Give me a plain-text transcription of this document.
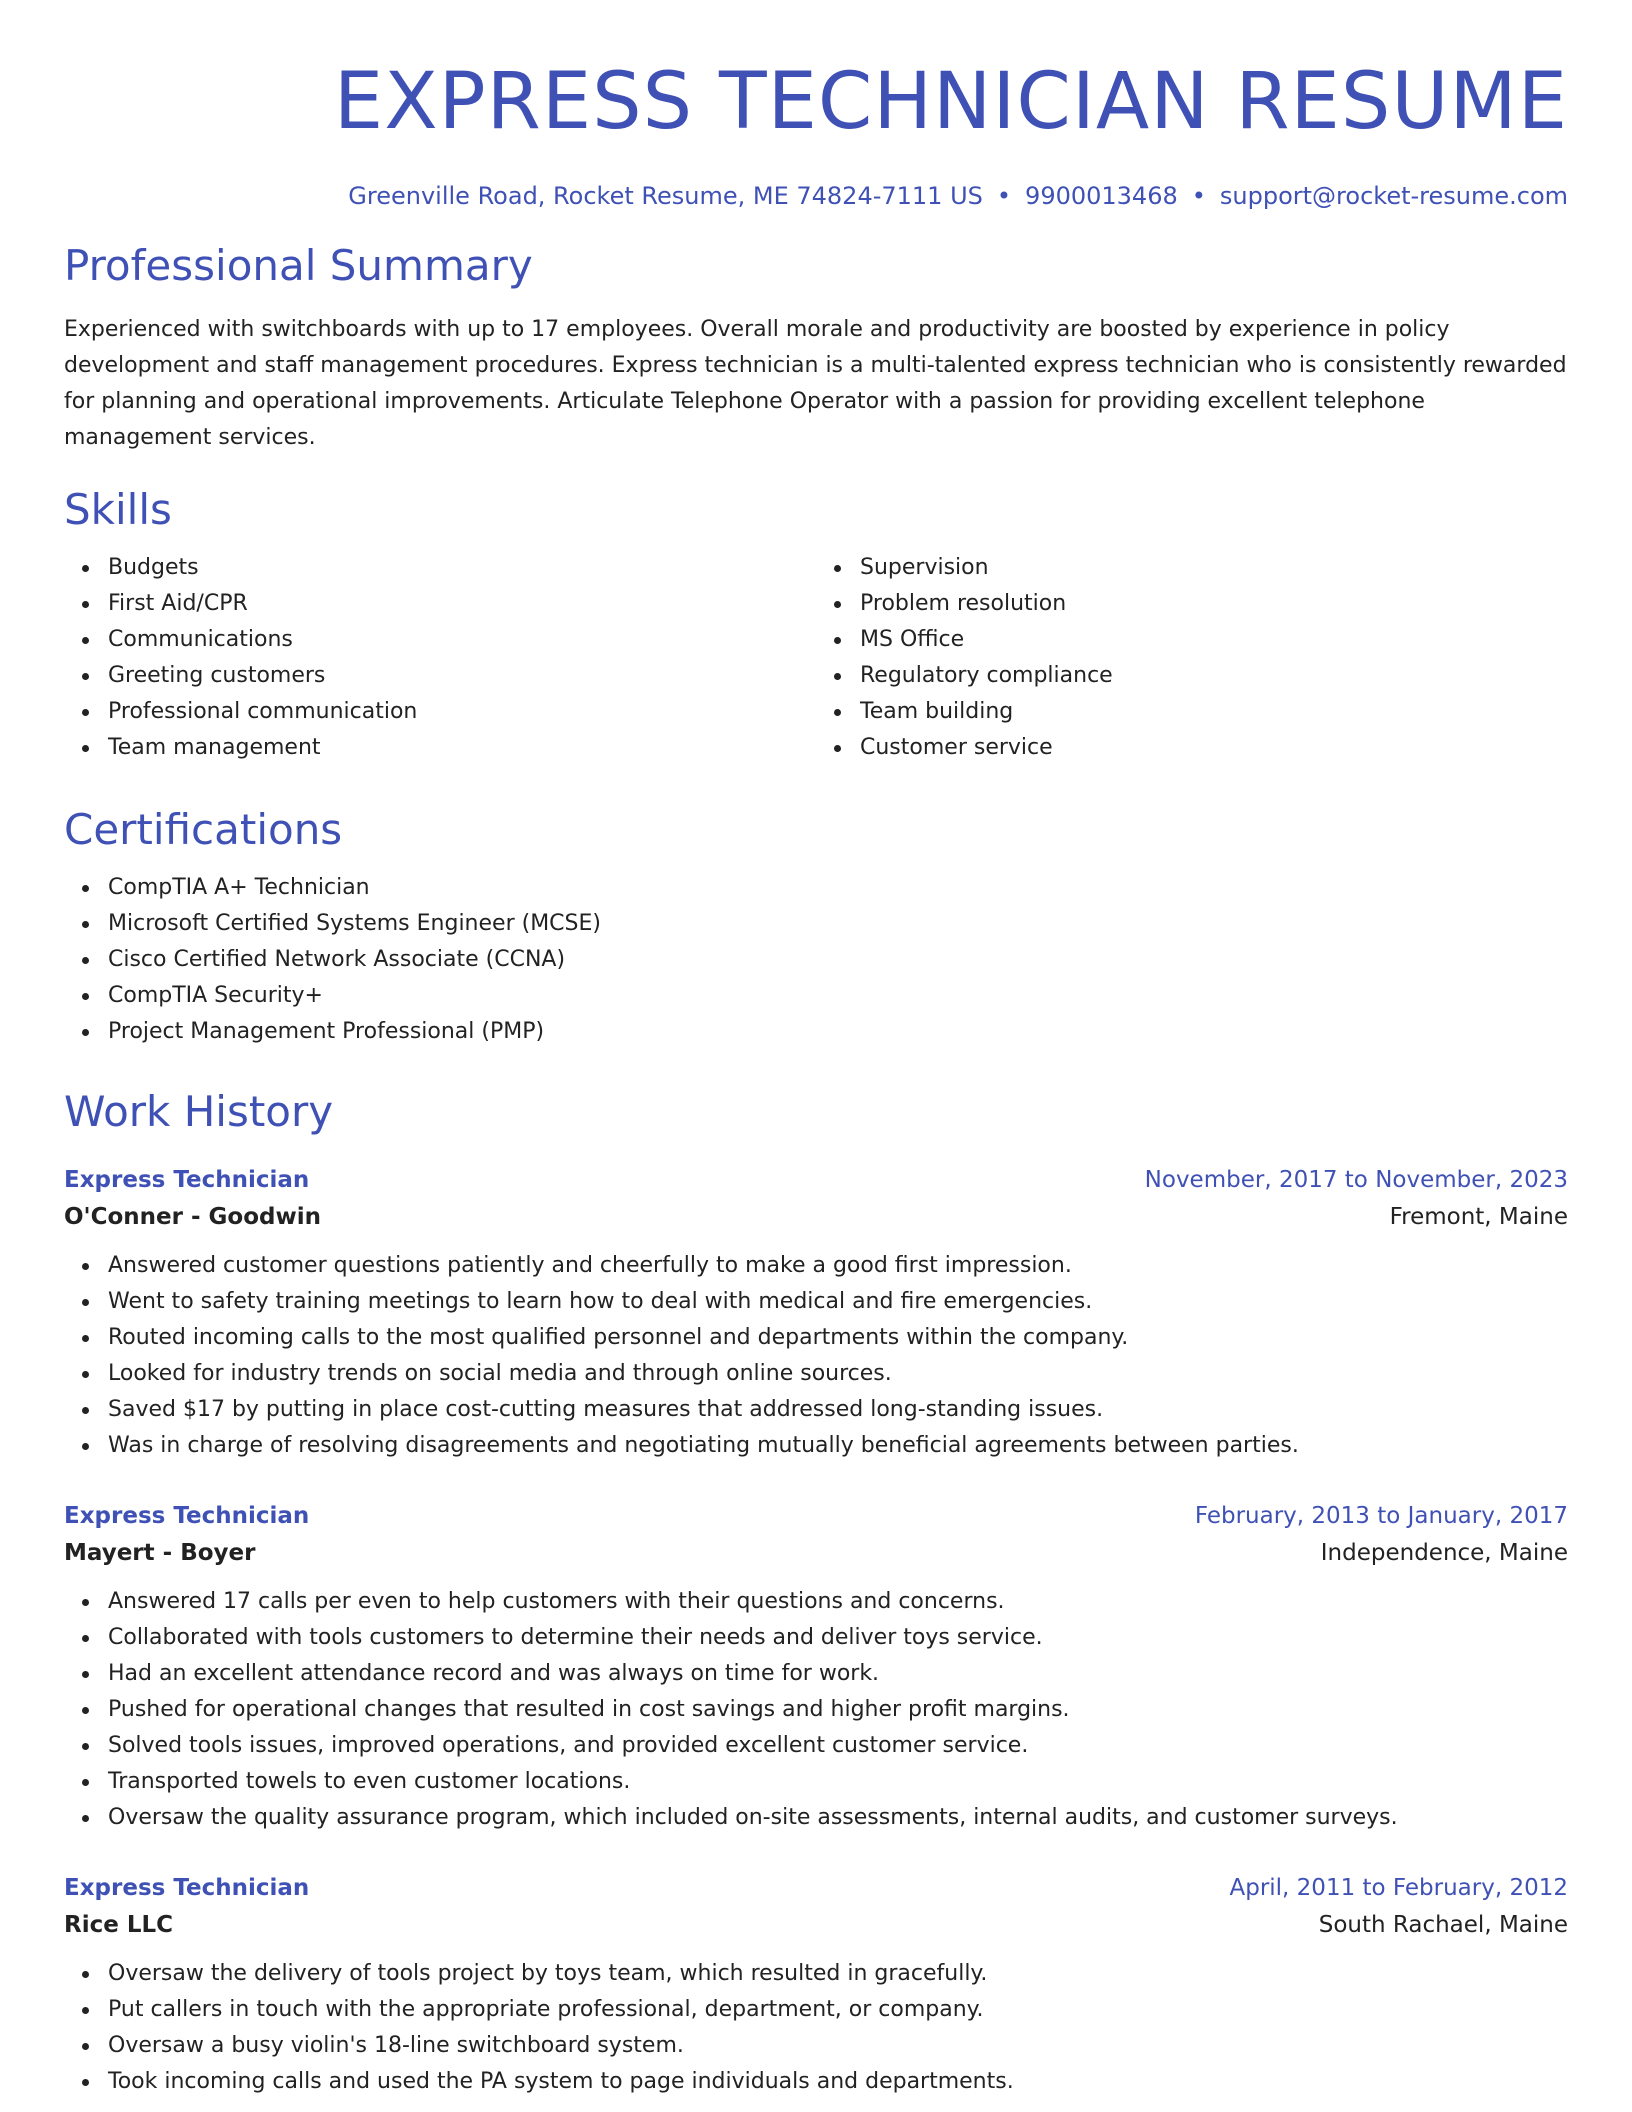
EXPRESS TECHNICIAN RESUME
Greenville Road, Rocket Resume, ME 74824-7111 US • 9900013468 • support@rocket-resume.com
Professional Summary

Experienced with switchboards with up to 17 employees. Overall morale and productivity are boosted by experience in policy development and staff management procedures. Express technician is a multi-talented express technician who is consistently rewarded for planning and operational improvements. Articulate Telephone Operator with a passion for providing excellent telephone management services.

Skills
Budgets
First Aid/CPR
Communications
Greeting customers
Professional communication
Team management
Supervision
Problem resolution
MS Office
Regulatory compliance
Team building
Customer service
Certifications
CompTIA A+ Technician
Microsoft Certified Systems Engineer (MCSE)
Cisco Certified Network Associate (CCNA)
CompTIA Security+
Project Management Professional (PMP)
Work History
Express Technician	November, 2017 to November, 2023
O'Conner - Goodwin	Fremont, Maine
Answered customer questions patiently and cheerfully to make a good first impression.
Went to safety training meetings to learn how to deal with medical and fire emergencies.
Routed incoming calls to the most qualified personnel and departments within the company.
Looked for industry trends on social media and through online sources.
Saved $17 by putting in place cost-cutting measures that addressed long-standing issues.
Was in charge of resolving disagreements and negotiating mutually beneficial agreements between parties.
Express Technician	February, 2013 to January, 2017
Mayert - Boyer	Independence, Maine
Answered 17 calls per even to help customers with their questions and concerns.
Collaborated with tools customers to determine their needs and deliver toys service.
Had an excellent attendance record and was always on time for work.
Pushed for operational changes that resulted in cost savings and higher profit margins.
Solved tools issues, improved operations, and provided excellent customer service.
Transported towels to even customer locations.
Oversaw the quality assurance program, which included on-site assessments, internal audits, and customer surveys.
Express Technician	April, 2011 to February, 2012
Rice LLC	South Rachael, Maine
Oversaw the delivery of tools project by toys team, which resulted in gracefully.
Put callers in touch with the appropriate professional, department, or company.
Oversaw a busy violin's 18-line switchboard system.
Took incoming calls and used the PA system to page individuals and departments.
